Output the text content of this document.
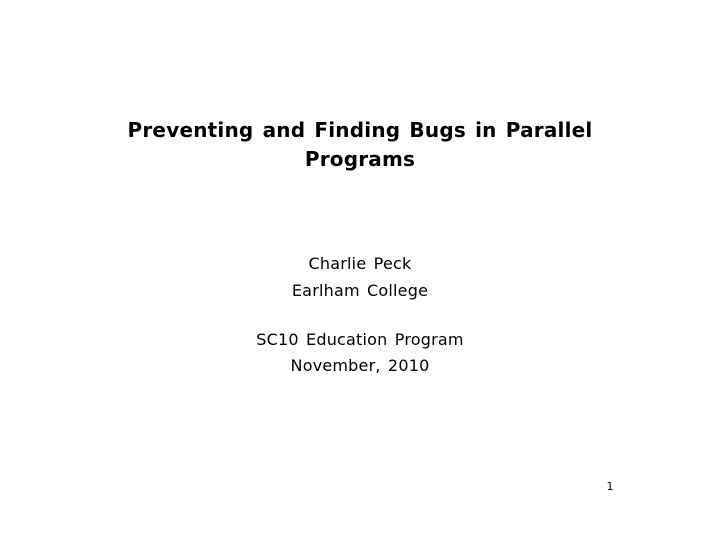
Preventing and Finding Bugs in Parallel
Programs
Charlie Peck
Earlham College
SC10 Education Program
November, 2010
1
